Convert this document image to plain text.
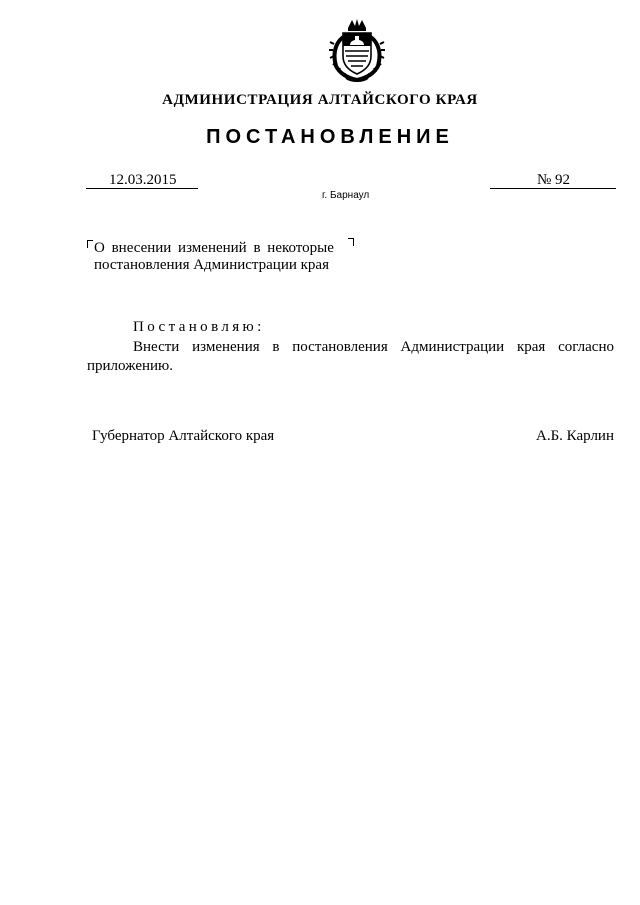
АДМИНИСТРАЦИЯ АЛТАЙСКОГО КРАЯ
ПОСТАНОВЛЕНИЕ
12.03.2015	№ 92
г. Барнаул
О внесении изменений в некоторые
постановления Администрации края
Постановляю:
Внести изменения в постановления Администрации края согласно приложению.
Губернатор Алтайского края	А.Б. Карлин
